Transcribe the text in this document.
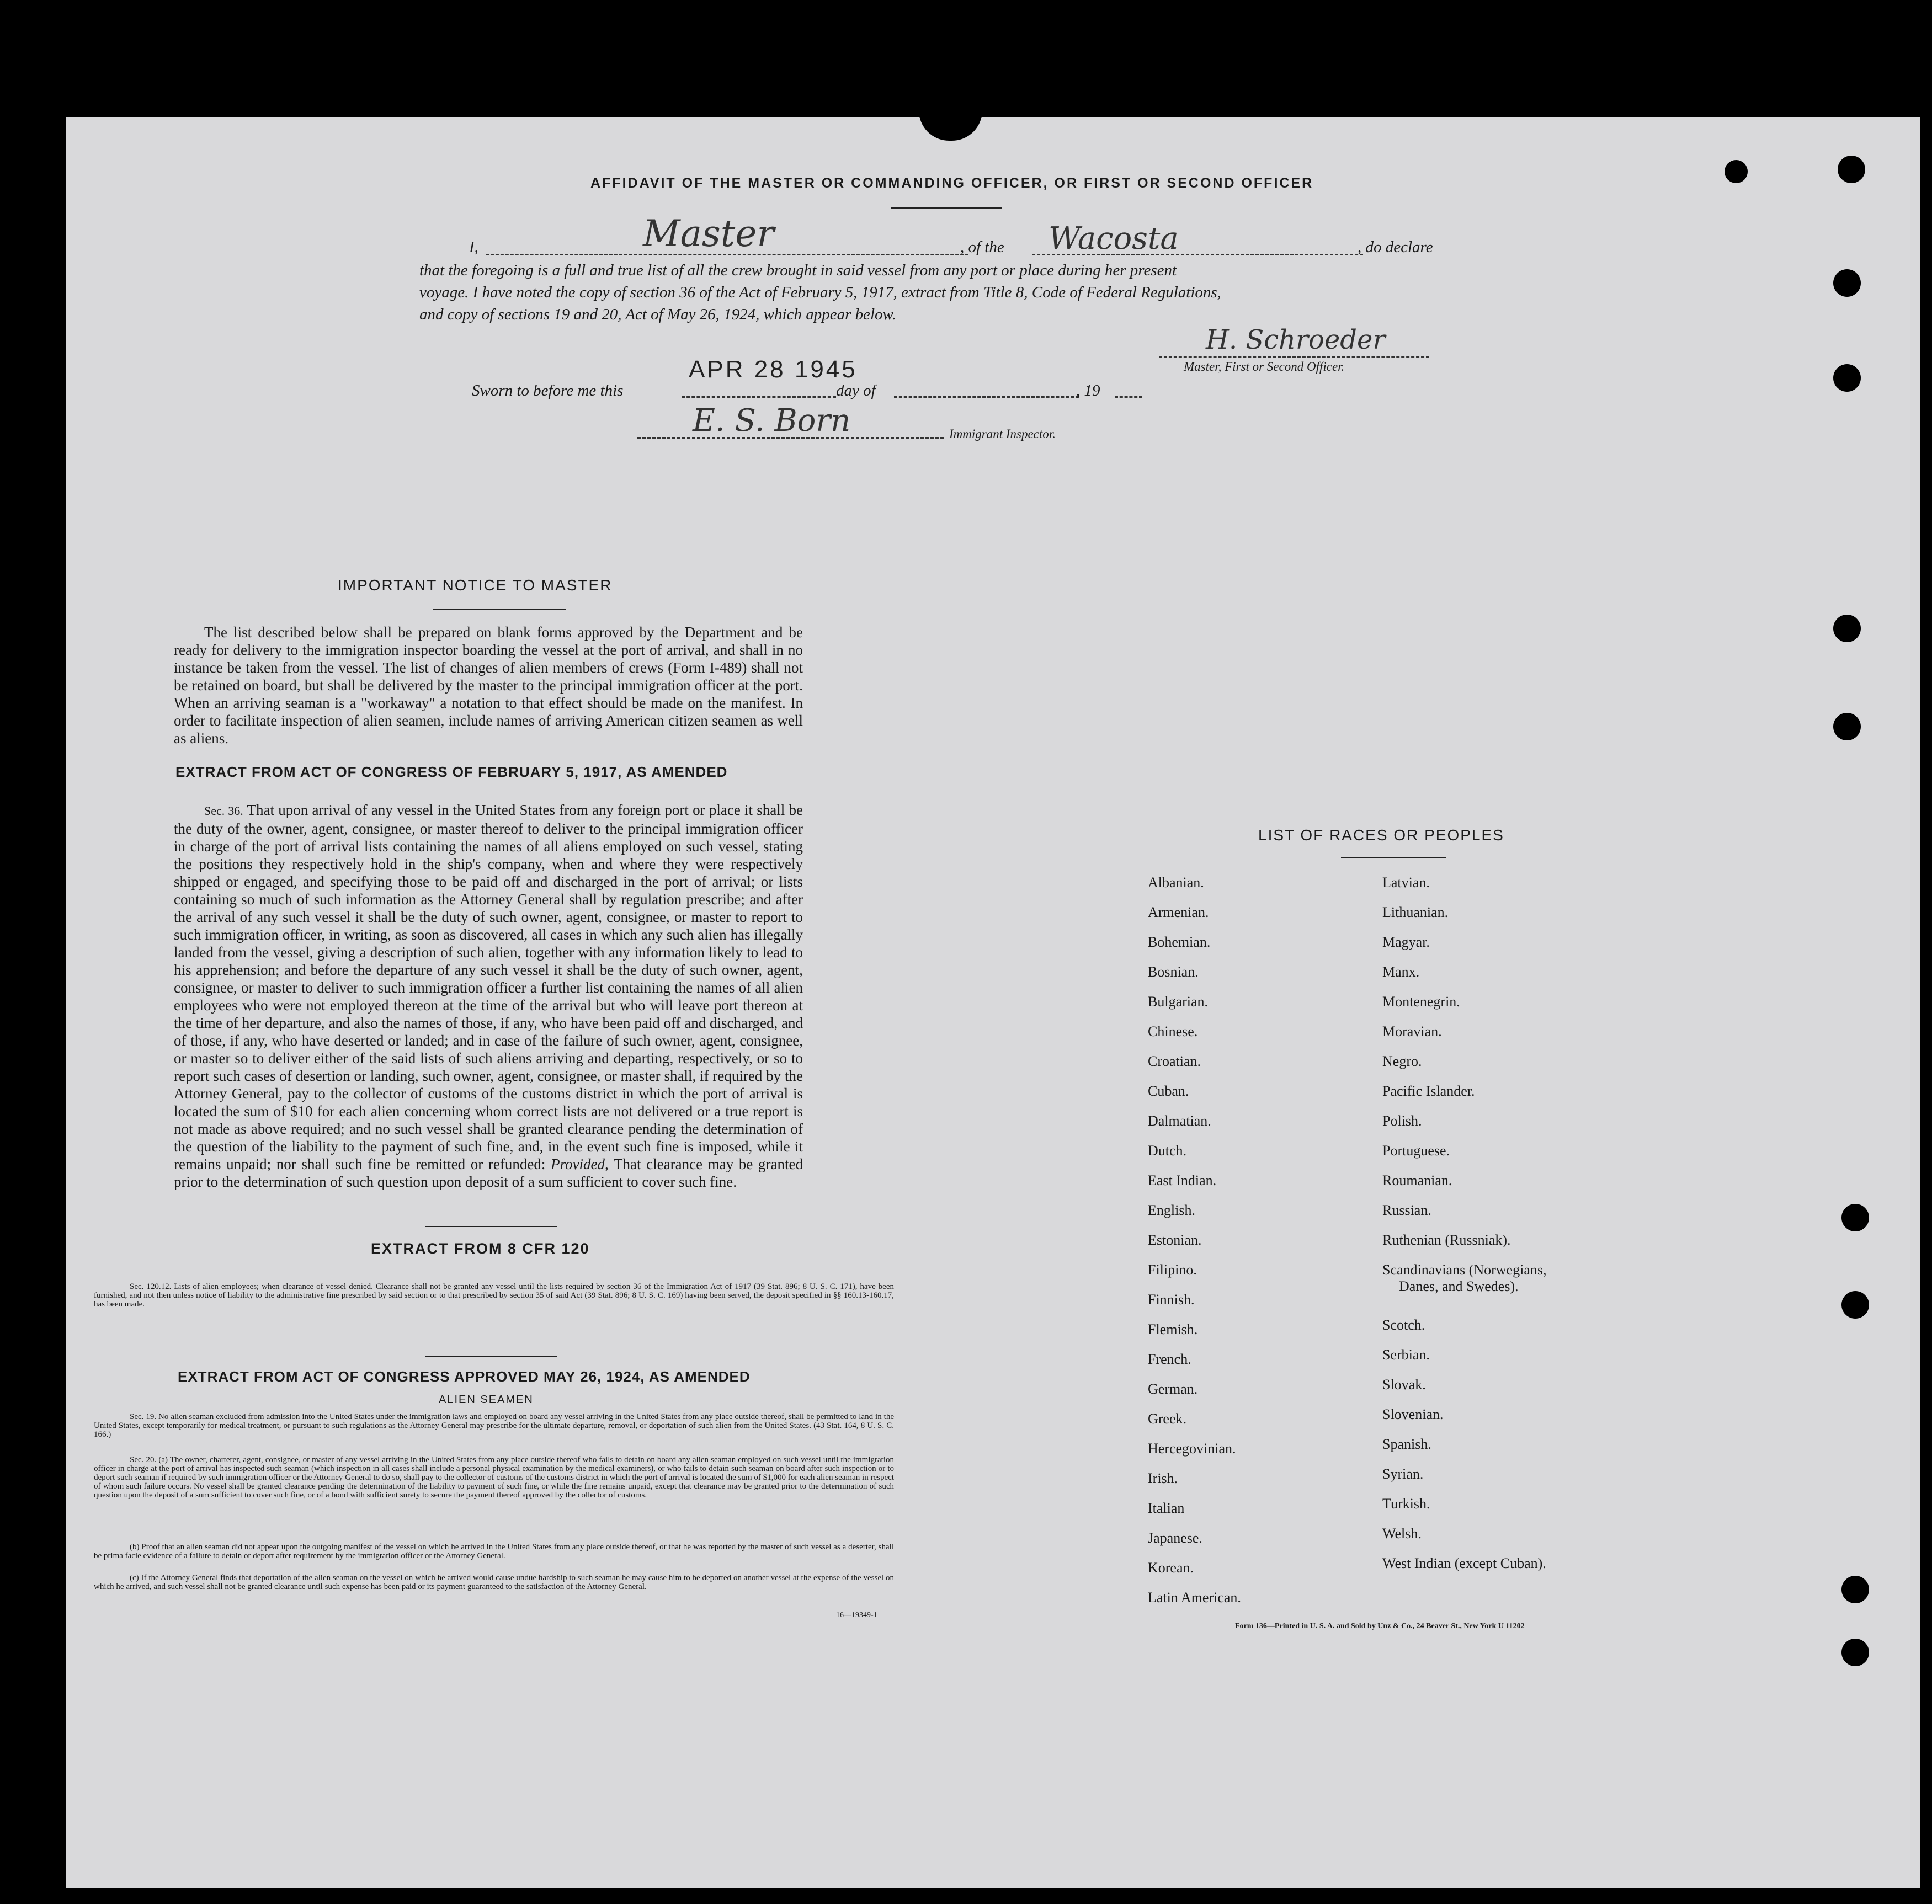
AFFIDAVIT OF THE MASTER OR COMMANDING OFFICER, OR FIRST OR SECOND OFFICER
I,	Master	, of the Wacosta	, do declare
that the foregoing is a full and true list of all the crew brought in said vessel from any port or place during her present
voyage. I have noted the copy of section 36 of the Act of February 5, 1917, extract from Title 8, Code of Federal Regulations,
and copy of sections 19 and 20, Act of May 26, 1924, which appear below.
H. Schroeder
Master, First or Second Officer.
APR 28 1945
Sworn to before me this	day of	, 19
E. S. Born	Immigrant Inspector.
IMPORTANT NOTICE TO MASTER
The list described below shall be prepared on blank forms approved by the Department and be ready for delivery to the immigration inspector boarding the vessel at the port of arrival, and shall in no instance be taken from the vessel. The list of changes of alien members of crews (Form I-489) shall not be retained on board, but shall be delivered by the master to the principal immigration officer at the port. When an arriving seaman is a "workaway" a notation to that effect should be made on the manifest. In order to facilitate inspection of alien seamen, include names of arriving American citizen seamen as well as aliens.
EXTRACT FROM ACT OF CONGRESS OF FEBRUARY 5, 1917, AS AMENDED
Sec. 36. That upon arrival of any vessel in the United States from any foreign port or place it shall be the duty of the owner, agent, consignee, or master thereof to deliver to the principal immigration officer in charge of the port of arrival lists containing the names of all aliens employed on such vessel, stating the positions they respectively hold in the ship's company, when and where they were respectively shipped or engaged, and specifying those to be paid off and discharged in the port of arrival; or lists containing so much of such information as the Attorney General shall by regulation prescribe; and after the arrival of any such vessel it shall be the duty of such owner, agent, consignee, or master to report to such immigration officer, in writing, as soon as discovered, all cases in which any such alien has illegally landed from the vessel, giving a description of such alien, together with any information likely to lead to his apprehension; and before the departure of any such vessel it shall be the duty of such owner, agent, consignee, or master to deliver to such immigration officer a further list containing the names of all alien employees who were not employed thereon at the time of the arrival but who will leave port thereon at the time of her departure, and also the names of those, if any, who have been paid off and discharged, and of those, if any, who have deserted or landed; and in case of the failure of such owner, agent, consignee, or master so to deliver either of the said lists of such aliens arriving and departing, respectively, or so to report such cases of desertion or landing, such owner, agent, consignee, or master shall, if required by the Attorney General, pay to the collector of customs of the customs district in which the port of arrival is located the sum of $10 for each alien concerning whom correct lists are not delivered or a true report is not made as above required; and no such vessel shall be granted clearance pending the determination of the question of the liability to the payment of such fine, and, in the event such fine is imposed, while it remains unpaid; nor shall such fine be remitted or refunded: Provided, That clearance may be granted prior to the determination of such question upon deposit of a sum sufficient to cover such fine.
EXTRACT FROM 8 CFR 120
Sec. 120.12. Lists of alien employees; when clearance of vessel denied. Clearance shall not be granted any vessel until the lists required by section 36 of the Immigration Act of 1917 (39 Stat. 896; 8 U. S. C. 171), have been furnished, and not then unless notice of liability to the administrative fine prescribed by said section or to that prescribed by section 35 of said Act (39 Stat. 896; 8 U. S. C. 169) having been served, the deposit specified in §§ 160.13-160.17, has been made.
EXTRACT FROM ACT OF CONGRESS APPROVED MAY 26, 1924, AS AMENDED
ALIEN SEAMEN
Sec. 19. No alien seaman excluded from admission into the United States under the immigration laws and employed on board any vessel arriving in the United States from any place outside thereof, shall be permitted to land in the United States, except temporarily for medical treatment, or pursuant to such regulations as the Attorney General may prescribe for the ultimate departure, removal, or deportation of such alien from the United States. (43 Stat. 164, 8 U. S. C. 166.)
Sec. 20. (a) The owner, charterer, agent, consignee, or master of any vessel arriving in the United States from any place outside thereof who fails to detain on board any alien seaman employed on such vessel until the immigration officer in charge at the port of arrival has inspected such seaman (which inspection in all cases shall include a personal physical examination by the medical examiners), or who fails to detain such seaman on board after such inspection or to deport such seaman if required by such immigration officer or the Attorney General to do so, shall pay to the collector of customs of the customs district in which the port of arrival is located the sum of $1,000 for each alien seaman in respect of whom such failure occurs. No vessel shall be granted clearance pending the determination of the liability to payment of such fine, or while the fine remains unpaid, except that clearance may be granted prior to the determination of such question upon the deposit of a sum sufficient to cover such fine, or of a bond with sufficient surety to secure the payment thereof approved by the collector of customs.
(b) Proof that an alien seaman did not appear upon the outgoing manifest of the vessel on which he arrived in the United States from any place outside thereof, or that he was reported by the master of such vessel as a deserter, shall be prima facie evidence of a failure to detain or deport after requirement by the immigration officer or the Attorney General.
(c) If the Attorney General finds that deportation of the alien seaman on the vessel on which he arrived would cause undue hardship to such seaman he may cause him to be deported on another vessel at the expense of the vessel on which he arrived, and such vessel shall not be granted clearance until such expense has been paid or its payment guaranteed to the satisfaction of the Attorney General.
16—19349-1
LIST OF RACES OR PEOPLES
Albanian.
Armenian.
Bohemian.
Bosnian.
Bulgarian.
Chinese.
Croatian.
Cuban.
Dalmatian.
Dutch.
East Indian.
English.
Estonian.
Filipino.
Finnish.
Flemish.
French.
German.
Greek.
Hercegovinian.
Irish.
Italian
Japanese.
Korean.
Latin American.
Latvian.
Lithuanian.
Magyar.
Manx.
Montenegrin.
Moravian.
Negro.
Pacific Islander.
Polish.
Portuguese.
Roumanian.
Russian.
Ruthenian (Russniak).
Scandinavians (Norwegians,
Danes, and Swedes).
Scotch.
Serbian.
Slovak.
Slovenian.
Spanish.
Syrian.
Turkish.
Welsh.
West Indian (except Cuban).
Form 136—Printed in U. S. A. and Sold by Unz & Co., 24 Beaver St., New York U 11202
